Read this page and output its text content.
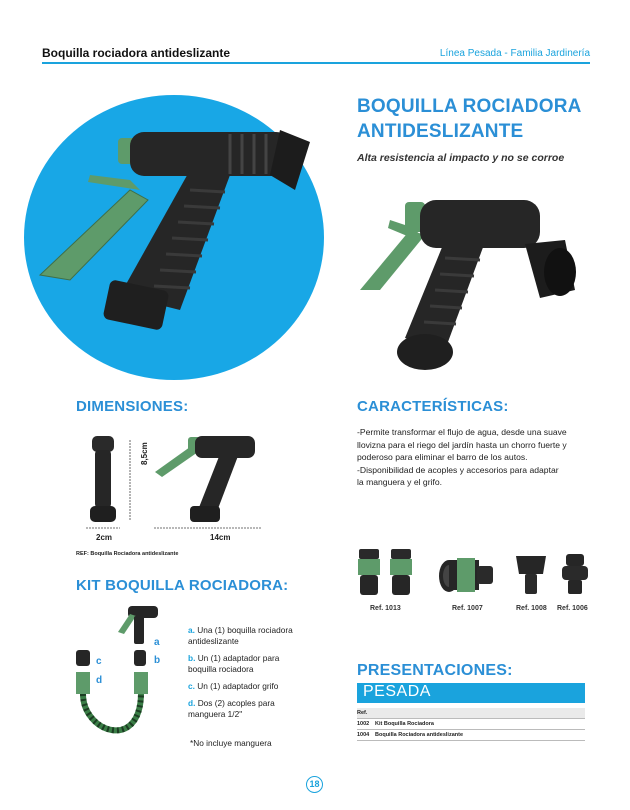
Boquilla rociadora antideslizante	Línea Pesada - Familia Jardinería
BOQUILLA ROCIADORA
ANTIDESLIZANTE
Alta resistencia al impacto y no se corroe
DIMENSIONES:
8,5cm
2cm	14cm
REF: Boquilla Rociadora antideslizante
CARACTERÍSTICAS:
-Permite transformar el flujo de agua, desde una suave llovizna para el riego del jardín hasta un chorro fuerte y poderoso para eliminar el barro de los autos.
-Disponibilidad de acoples y accesorios para adaptar la manguera y el grifo.
Ref. 1013	Ref. 1007	Ref. 1008 Ref. 1006
KIT BOQUILLA ROCIADORA:
a
b
c
d
a. Una (1) boquilla rociadora antideslizante
b. Un (1) adaptador para boquilla rociadora
c. Un (1) adaptador grifo
d. Dos (2) acoples para manguera 1/2"
*No incluye manguera
PRESENTACIONES:
PESADA
Ref.
1002	Kit Boquilla Rociadora
1004	Boquilla Rociadora antideslizante
18
